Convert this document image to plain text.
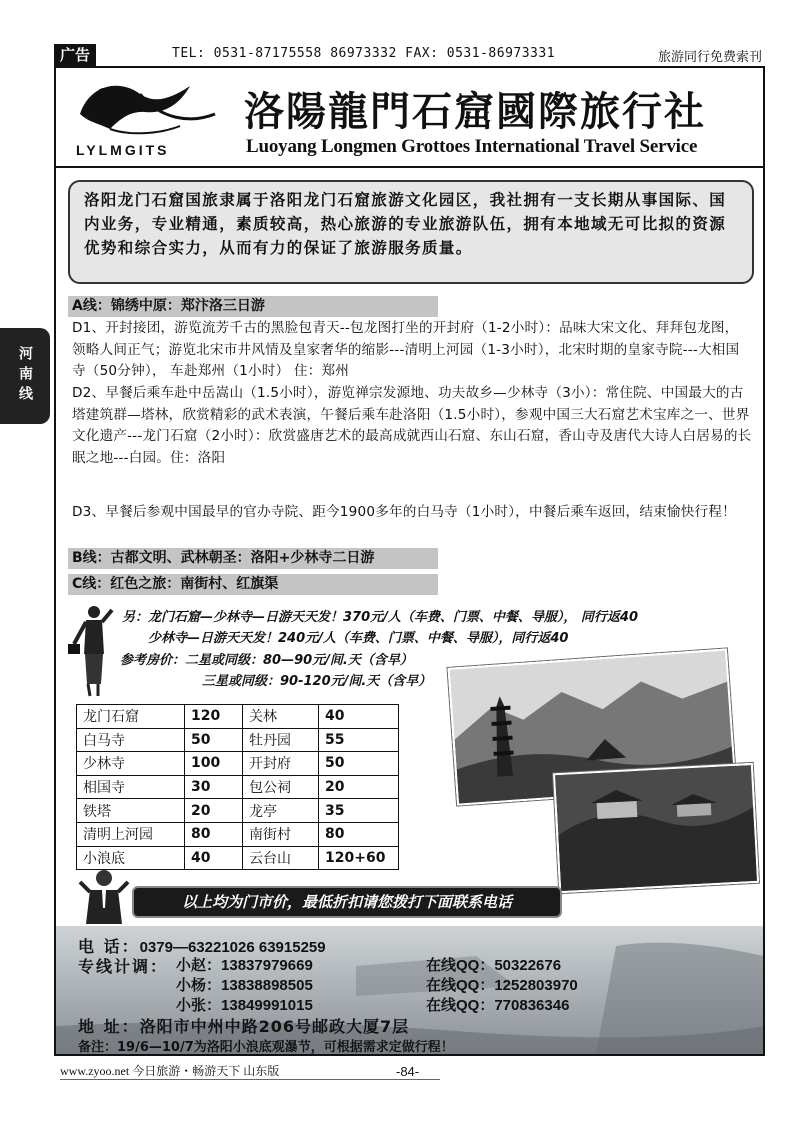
广告	TEL: 0531-87175558 86973332 FAX: 0531-86973331	旅游同行免费索刊
河南线
LYLMGITS
洛陽龍門石窟國際旅行社
Luoyang Longmen Grottoes International Travel Service
洛阳龙门石窟国旅隶属于洛阳龙门石窟旅游文化园区，我社拥有一支长期从事国际、国内业务，专业精通，素质较高，热心旅游的专业旅游队伍，拥有本地域无可比拟的资源优势和综合实力，从而有力的保证了旅游服务质量。
A线：锦绣中原：郑汴洛三日游
D1、开封接团，游览流芳千古的黑脸包青天--包龙图打坐的开封府（1-2小时）：品味大宋文化、拜拜包龙图，领略人间正气；游览北宋市井风情及皇家奢华的缩影---清明上河园（1-3小时），北宋时期的皇家寺院---大相国寺（50分钟）， 车赴郑州（1小时） 住：郑州
D2、早餐后乘车赴中岳嵩山（1.5小时），游览禅宗发源地、功夫故乡—少林寺（3小）：常住院、中国最大的古塔建筑群—塔林，欣赏精彩的武术表演，午餐后乘车赴洛阳（1.5小时），参观中国三大石窟艺术宝库之一、世界文化遗产---龙门石窟（2小时）：欣赏盛唐艺术的最高成就西山石窟、东山石窟，香山寺及唐代大诗人白居易的长眠之地---白园。住：洛阳
D3、早餐后参观中国最早的官办寺院、距今1900多年的白马寺（1小时），中餐后乘车返回，结束愉快行程！
B线：古都文明、武林朝圣：洛阳+少林寺二日游
C线：红色之旅：南街村、红旗渠
另：龙门石窟—少林寺—日游天天发！370元/人（车费、门票、中餐、导服）， 同行返40
少林寺—日游天天发！240元/人（车费、门票、中餐、导服），同行返40
参考房价：二星或同级：80—90元/间.天（含早）
三星或同级：90-120元/间.天（含早）
龙门石窟	120	关林	40
白马寺	50	牡丹园	55
少林寺	100	开封府	50
相国寺	30	包公祠	20
铁塔	20	龙亭	35
清明上河园	80	南街村	80
小浪底	40	云台山	120+60
以上均为门市价，最低折扣请您拨打下面联系电话
电 话：0379—63221026 63915259
专线计调： 小赵：13837979669	在线QQ：50322676
小杨：13838898505	在线QQ：1252803970
小张：13849991015	在线QQ：770836346
地 址：洛阳市中州中路206号邮政大厦7层
备注：19/6—10/7为洛阳小浪底观瀑节，可根据需求定做行程！
www.zyoo.net 今日旅游・畅游天下 山东版	-84-
